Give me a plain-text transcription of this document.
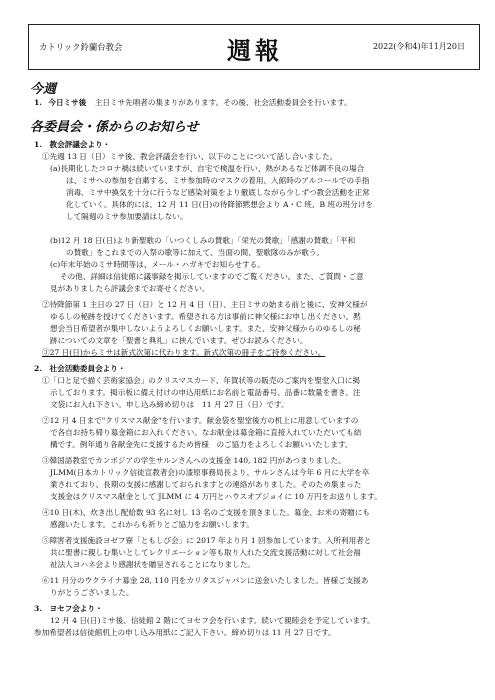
カトリック鈴蘭台教会	週報	2022(令和4)年11月20日
今週
1. 今日ミサ後 主日ミサ先唱者の集まりがあります。その後、社会活動委員会を行います。
各委員会・係からのお知らせ
1.　教会評議会より・
①先週 13 日（日）ミサ後、教会評議会を行い、以下のことについて話し合いました。
(a)長期化したコロナ禍は続いていますが、自宅で検温を行い、熱があるなど体調不良の場合
は、ミサへの参加を自粛する、ミサ参加時のマスクの着用、入館時のアルコールでの手指
消毒、ミサ中換気を十分に行うなど感染対策をより徹底しながら少しずつ教会活動を正常
化していく。具体的には、12 月 11 日(日)の待降節黙想会より A・C 班、B 班の班分けを
して隔週のミサ参加要請はしない。
(b)12 月 18 日(日)より新聖歌の「いつくしみの賛歌」「栄光の賛歌」「感謝の賛歌」「平和
の賛歌」をこれまでの入祭の歌等に加えて、当面の間、聖歌隊のみが歌う。
(c)年末年始のミサ時間等は、メール・ハガキでお知らせする。
その他、詳細は信徒館に議事録を掲示していますのでご覧ください。また、ご質問・ご意
見がありましたら評議会までお寄せください。
②待降節第 1 主日の 27 日（日）と 12 月 4 日（日）、主日ミサの始まる前と後に、安神父様が
ゆるしの秘跡を授けてくださいます。希望される方は事前に神父様にお申し出ください。黙
想会当日希望者が集中しないようよろしくお願いします。また、安神父様からのゆるしの秘
跡についての文章を「聖書と典礼」に挟んでいます。ぜひお読みください。
③27 日(日)からミサは新式次第に代わります。新式次第の冊子をご持参ください。
2.　社会活動委員会より・
①「口と足で描く芸術家協会」のクリスマスカード、年賀状等の販売のご案内を聖堂入口に掲
示しております。掲示板に備え付けの申込用紙にお名前と電話番号、品番に数量を書き、注
文袋にお入れ下さい。申し込み締め切りは　11 月 27 日（日）です。
②12 月 4 日まで"クリスマス献金"を行います。献金袋を聖堂後方の机上に用意していますの
で各自お持ち帰り募金箱にお入れください。なお献金は募金箱に直接入れていただいても結
構です。例年通り各献金先に支援するため皆様　のご協力をよろしくお願いいたします。
③韓国語教室でカンボジアの学生サルンさんへの支援金 140, 182 円があつまりました。
JLMM(日本カトリック信徒宣教者会)の漆原事務局長より、サルンさんは今年 6 月に大学を卒
業されており、長期の支援に感謝しておられますとの連絡がありました。そのため集まった
支援金はクリスマス献金として JLMM に 4 万円とハウスオブジョイに 10 万円をお送りします。
④10 日(木)、炊き出し配給数 93 名に対し 13 名のご支援を頂きました。募金、お米の寄贈にも
感謝いたします。これからも祈りとご協力をお願いします。
⑤障害者支援施設ヨゼフ寮「ともしび会」に 2017 年より月 1 回参加しています。入所利用者と
共に聖書に親しむ集いとしてレクリエーション等も取り入れた交流支援活動に対して社会福
祉法人ヨハネ会より感謝状を贈呈されることになりました。
⑥11 月分のウクライナ募金 28, 110 円をカリタスジャパンに送金いたしました。皆様ご支援あ
りがとうございました。
3.　ヨセフ会より・
12 月 4 日(日)ミサ後、信徒館 2 階にてヨセフ会を行います。続いて親睦会を予定しています。
参加希望者は信徒館机上の申し込み用紙にご記入下さい。締め切りは 11 月 27 日です。
